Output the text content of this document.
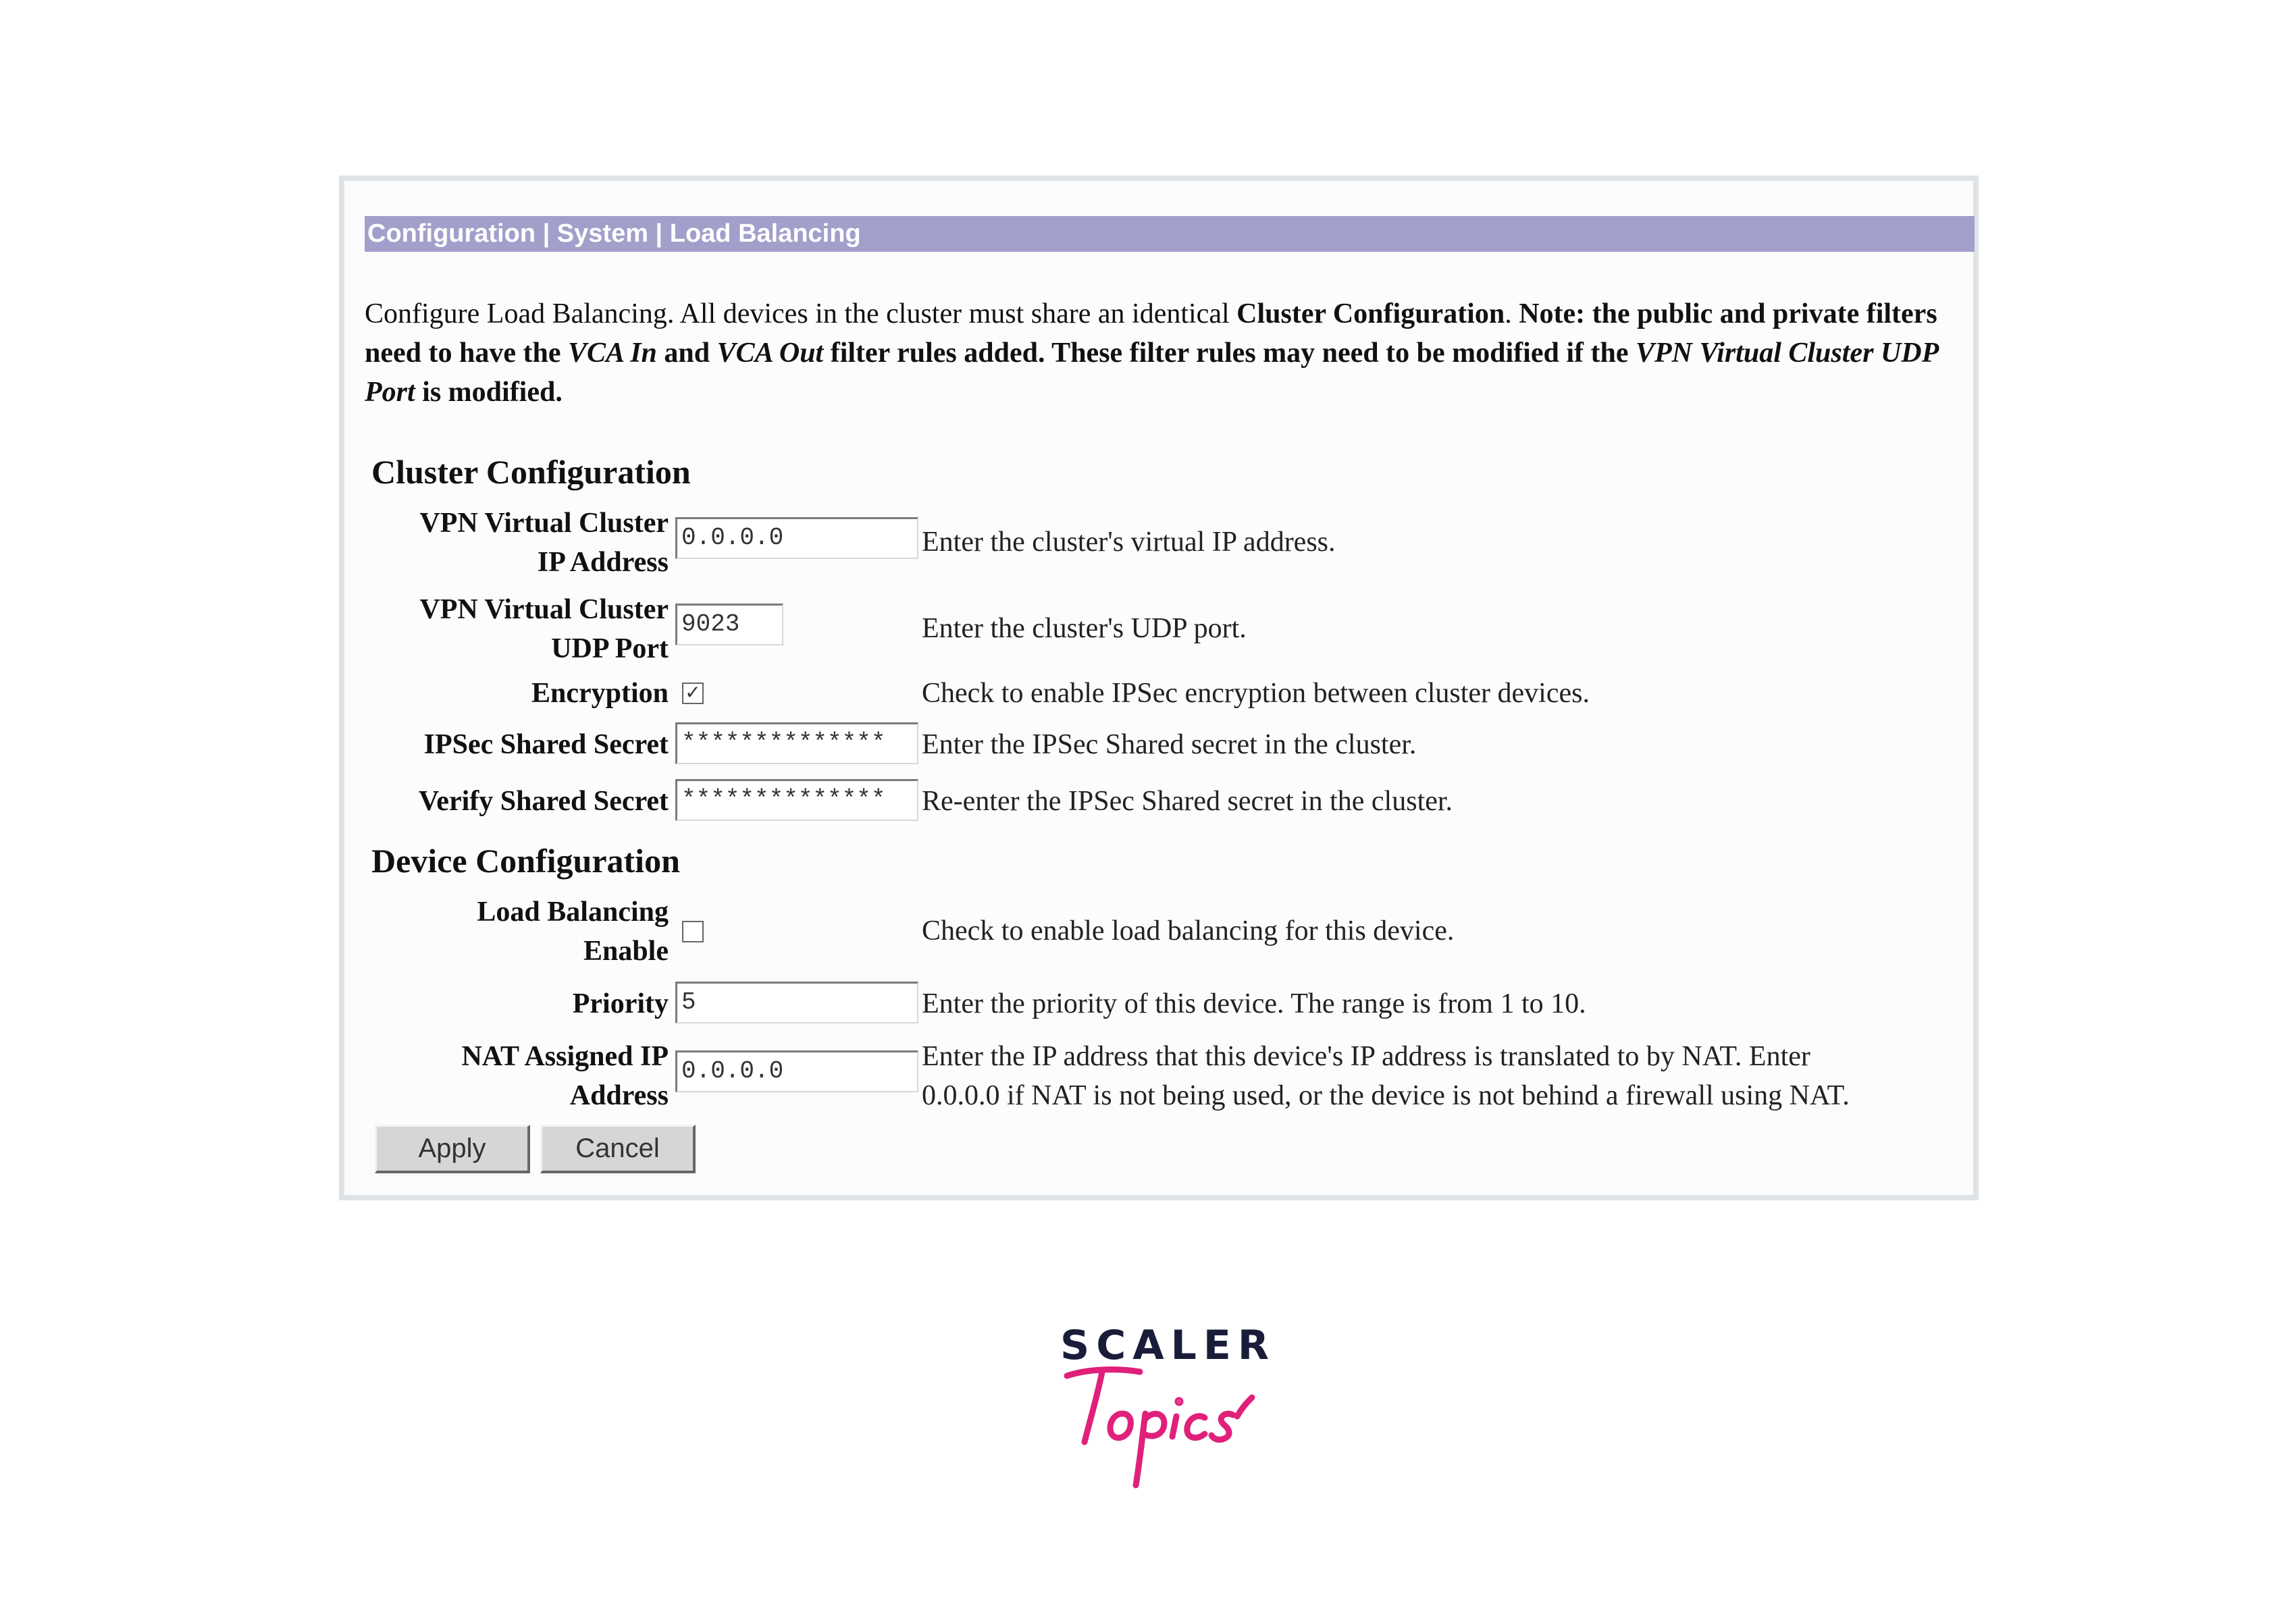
Configuration | System | Load Balancing
Configure Load Balancing. All devices in the cluster must share an identical Cluster Configuration. Note: the public and private filters need to have the VCA In and VCA Out filter rules added. These filter rules may need to be modified if the VPN Virtual Cluster UDP Port is modified.
Cluster Configuration
VPN Virtual Cluster
IP Address
0.0.0.0	Enter the cluster's virtual IP address.
VPN Virtual Cluster
UDP Port
9023	Enter the cluster's UDP port.
Encryption ✓	Check to enable IPSec encryption between cluster devices.
IPSec Shared Secret **************	Enter the IPSec Shared secret in the cluster.
Verify Shared Secret **************	Re-enter the IPSec Shared secret in the cluster.
Device Configuration
Load Balancing
Enable
Check to enable load balancing for this device.
Priority 5	Enter the priority of this device. The range is from 1 to 10.
NAT Assigned IP
Address
0.0.0.0	Enter the IP address that this device's IP address is translated to by NAT. Enter
0.0.0.0 if NAT is not being used, or the device is not behind a firewall using NAT.
Apply	Cancel
SCALER
